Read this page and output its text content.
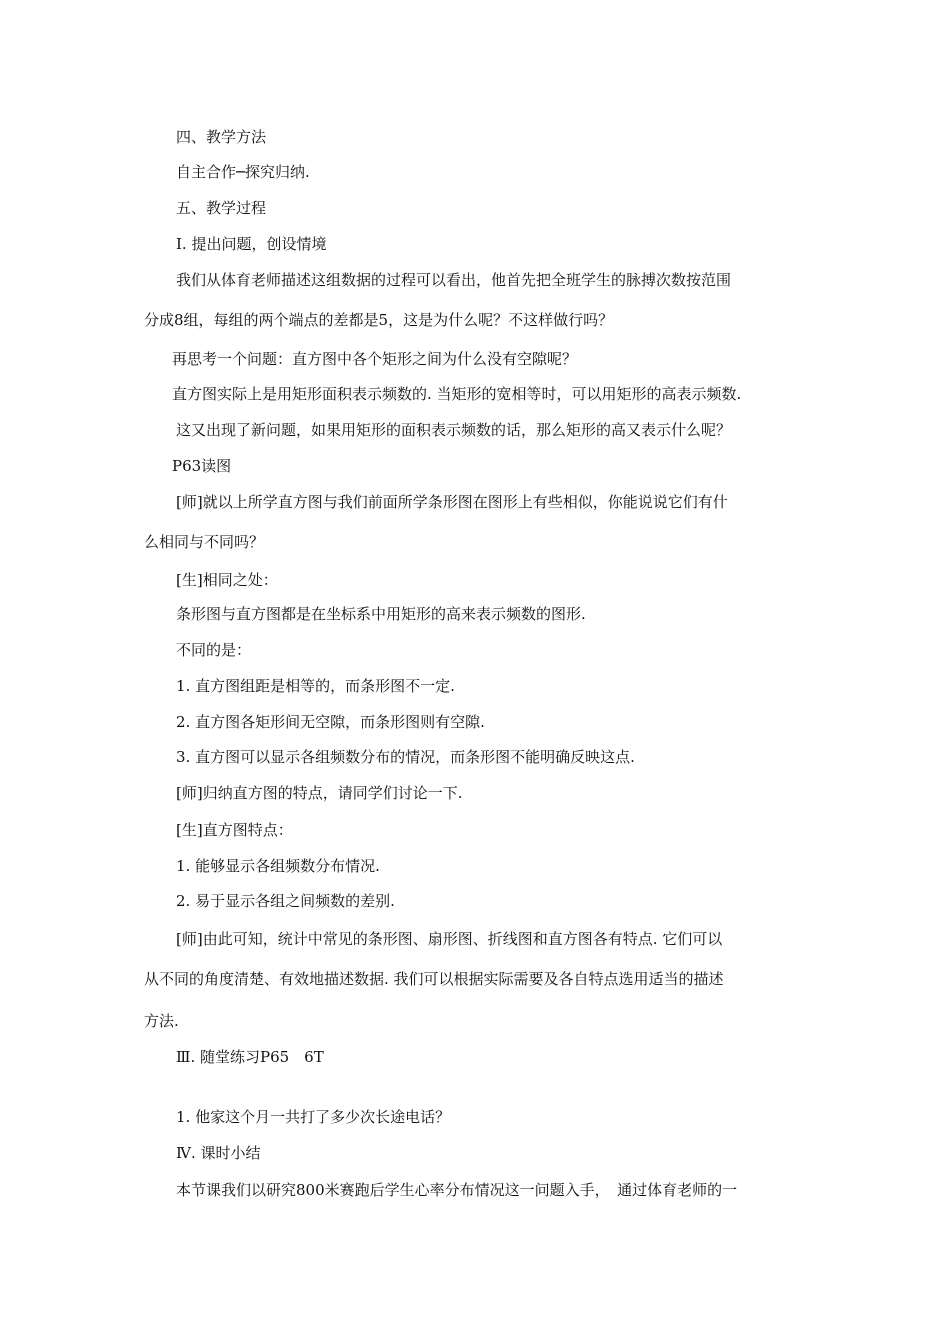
四、教学方法
自主合作─探究归纳.
五、教学过程
Ⅰ. 提出问题，创设情境
我们从体育老师描述这组数据的过程可以看出，他首先把全班学生的脉搏次数按范围
分成8组，每组的两个端点的差都是5，这是为什么呢？不这样做行吗？
再思考一个问题：直方图中各个矩形之间为什么没有空隙呢？
直方图实际上是用矩形面积表示频数的. 当矩形的宽相等时，可以用矩形的高表示频数.
这又出现了新问题，如果用矩形的面积表示频数的话，那么矩形的高又表示什么呢？
P63读图
[师]就以上所学直方图与我们前面所学条形图在图形上有些相似，你能说说它们有什
么相同与不同吗？
[生]相同之处：
条形图与直方图都是在坐标系中用矩形的高来表示频数的图形.
不同的是：
1. 直方图组距是相等的，而条形图不一定.
2. 直方图各矩形间无空隙，而条形图则有空隙.
3. 直方图可以显示各组频数分布的情况，而条形图不能明确反映这点.
[师]归纳直方图的特点，请同学们讨论一下.
[生]直方图特点：
1. 能够显示各组频数分布情况.
2. 易于显示各组之间频数的差别.
[师]由此可知，统计中常见的条形图、扇形图、折线图和直方图各有特点. 它们可以
从不同的角度清楚、有效地描述数据. 我们可以根据实际需要及各自特点选用适当的描述
方法.
Ⅲ. 随堂练习P65　6T
1. 他家这个月一共打了多少次长途电话？
Ⅳ. 课时小结
本节课我们以研究800米赛跑后学生心率分布情况这一问题入手，　通过体育老师的一
